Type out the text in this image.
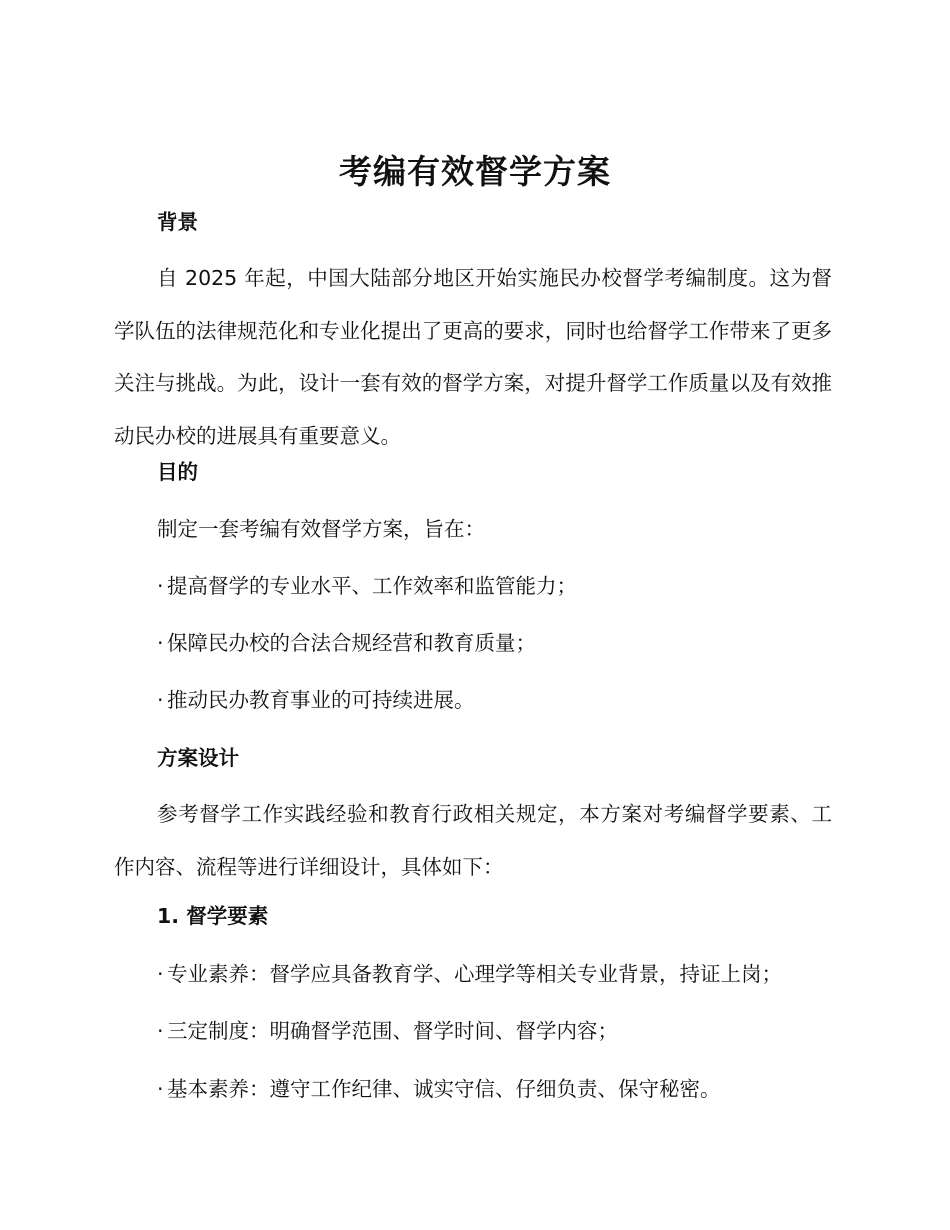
考编有效督学方案

背景

自 2025 年起，中国大陆部分地区开始实施民办校督学考编制度。这为督学队伍的法律规范化和专业化提出了更高的要求，同时也给督学工作带来了更多关注与挑战。为此，设计一套有效的督学方案，对提升督学工作质量以及有效推动民办校的进展具有重要意义。

目的

制定一套考编有效督学方案，旨在：

· 提高督学的专业水平、工作效率和监管能力；

· 保障民办校的合法合规经营和教育质量；

· 推动民办教育事业的可持续进展。

方案设计

参考督学工作实践经验和教育行政相关规定，本方案对考编督学要素、工作内容、流程等进行详细设计，具体如下：

1. 督学要素

· 专业素养：督学应具备教育学、心理学等相关专业背景，持证上岗；

· 三定制度：明确督学范围、督学时间、督学内容；

· 基本素养：遵守工作纪律、诚实守信、仔细负责、保守秘密。
